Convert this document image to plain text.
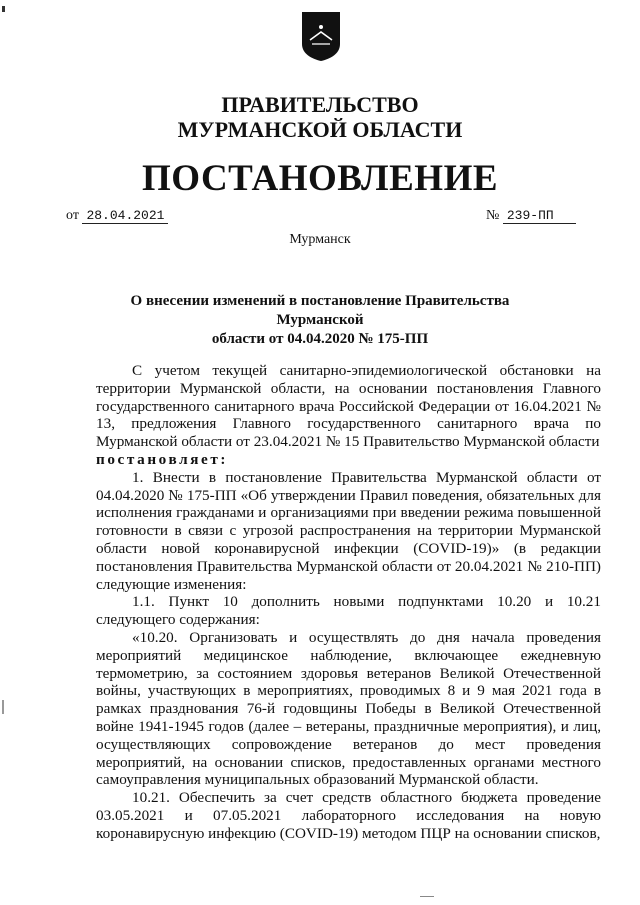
ПРАВИТЕЛЬСТВО
МУРМАНСКОЙ ОБЛАСТИ
ПОСТАНОВЛЕНИЕ
от 28.04.2021	№ 239-ПП
Мурманск
О внесении изменений в постановление Правительства Мурманской
области от 04.04.2020 № 175-ПП

С учетом текущей санитарно-эпидемиологической обстановки на территории Мурманской области, на основании постановления Главного государственного санитарного врача Российской Федерации от 16.04.2021 № 13, предложения Главного государственного санитарного врача по Мурманской области от 23.04.2021 № 15 Правительство Мурманской области

постановляет:

1. Внести в постановление Правительства Мурманской области от 04.04.2020 № 175-ПП «Об утверждении Правил поведения, обязательных для исполнения гражданами и организациями при введении режима повышенной готовности в связи с угрозой распространения на территории Мурманской области новой коронавирусной инфекции (COVID-19)» (в редакции постановления Правительства Мурманской области от 20.04.2021 № 210-ПП) следующие изменения:

1.1. Пункт 10 дополнить новыми подпунктами 10.20 и 10.21 следующего содержания:

«10.20. Организовать и осуществлять до дня начала проведения мероприятий медицинское наблюдение, включающее ежедневную термометрию, за состоянием здоровья ветеранов Великой Отечественной войны, участвующих в мероприятиях, проводимых 8 и 9 мая 2021 года в рамках празднования 76-й годовщины Победы в Великой Отечественной войне 1941-1945 годов (далее – ветераны, праздничные мероприятия), и лиц, осуществляющих сопровождение ветеранов до мест проведения мероприятий, на основании списков, предоставленных органами местного самоуправления муниципальных образований Мурманской области.

10.21. Обеспечить за счет средств областного бюджета проведение 03.05.2021 и 07.05.2021 лабораторного исследования на новую коронавирусную инфекцию (COVID-19) методом ПЦР на основании списков,
